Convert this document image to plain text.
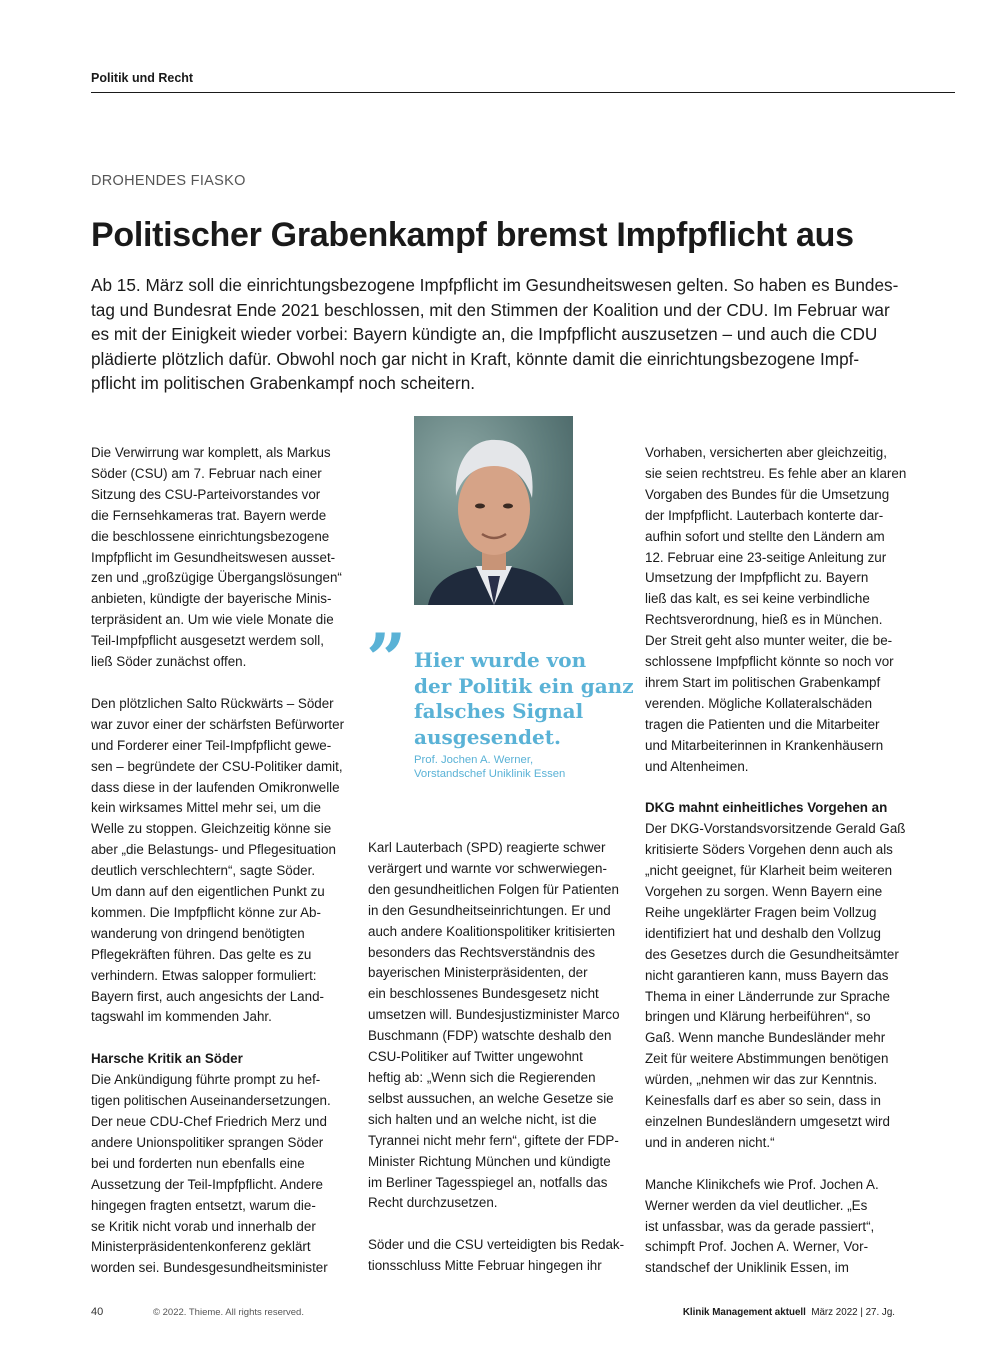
Politik und Recht
DROHENDES FIASKO
Politischer Grabenkampf bremst Impfpflicht aus
Ab 15. März soll die einrichtungsbezogene Impfpflicht im Gesundheitswesen gelten. So haben es Bundes-
tag und Bundesrat Ende 2021 beschlossen, mit den Stimmen der Koalition und der CDU. Im Februar war
es mit der Einigkeit wieder vorbei: Bayern kündigte an, die Impfpflicht auszusetzen – und auch die CDU
plädierte plötzlich dafür. Obwohl noch gar nicht in Kraft, könnte damit die einrichtungsbezogene Impf-
pflicht im politischen Grabenkampf noch scheitern.
Die Verwirrung war komplett, als Markus
Söder (CSU) am 7. Februar nach einer
Sitzung des CSU-Parteivorstandes vor
die Fernsehkameras trat. Bayern werde
die beschlossene einrichtungsbezogene
Impfpflicht im Gesundheitswesen ausset-
zen und „großzügige Übergangslösungen“
anbieten, kündigte der bayerische Minis-
terpräsident an. Um wie viele Monate die
Teil-Impfpflicht ausgesetzt werdem soll,
ließ Söder zunächst offen.

Den plötzlichen Salto Rückwärts – Söder
war zuvor einer der schärfsten Befürworter
und Forderer einer Teil-Impfpflicht gewe-
sen – begründete der CSU-Politiker damit,
dass diese in der laufenden Omikronwelle
kein wirksames Mittel mehr sei, um die
Welle zu stoppen. Gleichzeitig könne sie
aber „die Belastungs- und Pflegesituation
deutlich verschlechtern“, sagte Söder.
Um dann auf den eigentlichen Punkt zu
kommen. Die Impfpflicht könne zur Ab-
wanderung von dringend benötigten
Pflegekräften führen. Das gelte es zu
verhindern. Etwas salopper formuliert:
Bayern first, auch angesichts der Land-
tagswahl im kommenden Jahr.

Harsche Kritik an Söder
Die Ankündigung führte prompt zu hef-
tigen politischen Auseinandersetzungen.
Der neue CDU-Chef Friedrich Merz und
andere Unionspolitiker sprangen Söder
bei und forderten nun ebenfalls eine
Aussetzung der Teil-Impfpflicht. Andere
hingegen fragten entsetzt, warum die-
se Kritik nicht vorab und innerhalb der
Ministerpräsidentenkonferenz geklärt
worden sei. Bundesgesundheitsminister
© Uniklinik Essen
” Hier wurde von
der Politik ein ganz
falsches Signal
ausgesendet.
Prof. Jochen A. Werner,
Vorstandschef Uniklinik Essen
Karl Lauterbach (SPD) reagierte schwer
verärgert und warnte vor schwerwiegen-
den gesundheitlichen Folgen für Patienten
in den Gesundheitseinrichtungen. Er und
auch andere Koalitionspolitiker kritisierten
besonders das Rechtsverständnis des
bayerischen Ministerpräsidenten, der
ein beschlossenes Bundesgesetz nicht
umsetzen will. Bundesjustizminister Marco
Buschmann (FDP) watschte deshalb den
CSU-Politiker auf Twitter ungewohnt
heftig ab: „Wenn sich die Regierenden
selbst aussuchen, an welche Gesetze sie
sich halten und an welche nicht, ist die
Tyrannei nicht mehr fern“, giftete der FDP-
Minister Richtung München und kündigte
im Berliner Tagesspiegel an, notfalls das
Recht durchzusetzen.

Söder und die CSU verteidigten bis Redak-
tionsschluss Mitte Februar hingegen ihr
Vorhaben, versicherten aber gleichzeitig,
sie seien rechtstreu. Es fehle aber an klaren
Vorgaben des Bundes für die Umsetzung
der Impfpflicht. Lauterbach konterte dar-
aufhin sofort und stellte den Ländern am
12. Februar eine 23-seitige Anleitung zur
Umsetzung der Impfpflicht zu. Bayern
ließ das kalt, es sei keine verbindliche
Rechtsverordnung, hieß es in München.
Der Streit geht also munter weiter, die be-
schlossene Impfpflicht könnte so noch vor
ihrem Start im politischen Grabenkampf
verenden. Mögliche Kollateralschäden
tragen die Patienten und die Mitarbeiter
und Mitarbeiterinnen in Krankenhäusern
und Altenheimen.

DKG mahnt einheitliches Vorgehen an
Der DKG-Vorstandsvorsitzende Gerald Gaß
kritisierte Söders Vorgehen denn auch als
„nicht geeignet, für Klarheit beim weiteren
Vorgehen zu sorgen. Wenn Bayern eine
Reihe ungeklärter Fragen beim Vollzug
identifiziert hat und deshalb den Vollzug
des Gesetzes durch die Gesundheitsämter
nicht garantieren kann, muss Bayern das
Thema in einer Länderrunde zur Sprache
bringen und Klärung herbeiführen“, so
Gaß. Wenn manche Bundesländer mehr
Zeit für weitere Abstimmungen benötigen
würden, „nehmen wir das zur Kenntnis.
Keinesfalls darf es aber so sein, dass in
einzelnen Bundesländern umgesetzt wird
und in anderen nicht.“

Manche Klinikchefs wie Prof. Jochen A.
Werner werden da viel deutlicher. „Es
ist unfassbar, was da gerade passiert“,
schimpft Prof. Jochen A. Werner, Vor-
standschef der Uniklinik Essen, im
40	© 2022. Thieme. All rights reserved.	Klinik Management aktuell März 2022 | 27. Jg.
